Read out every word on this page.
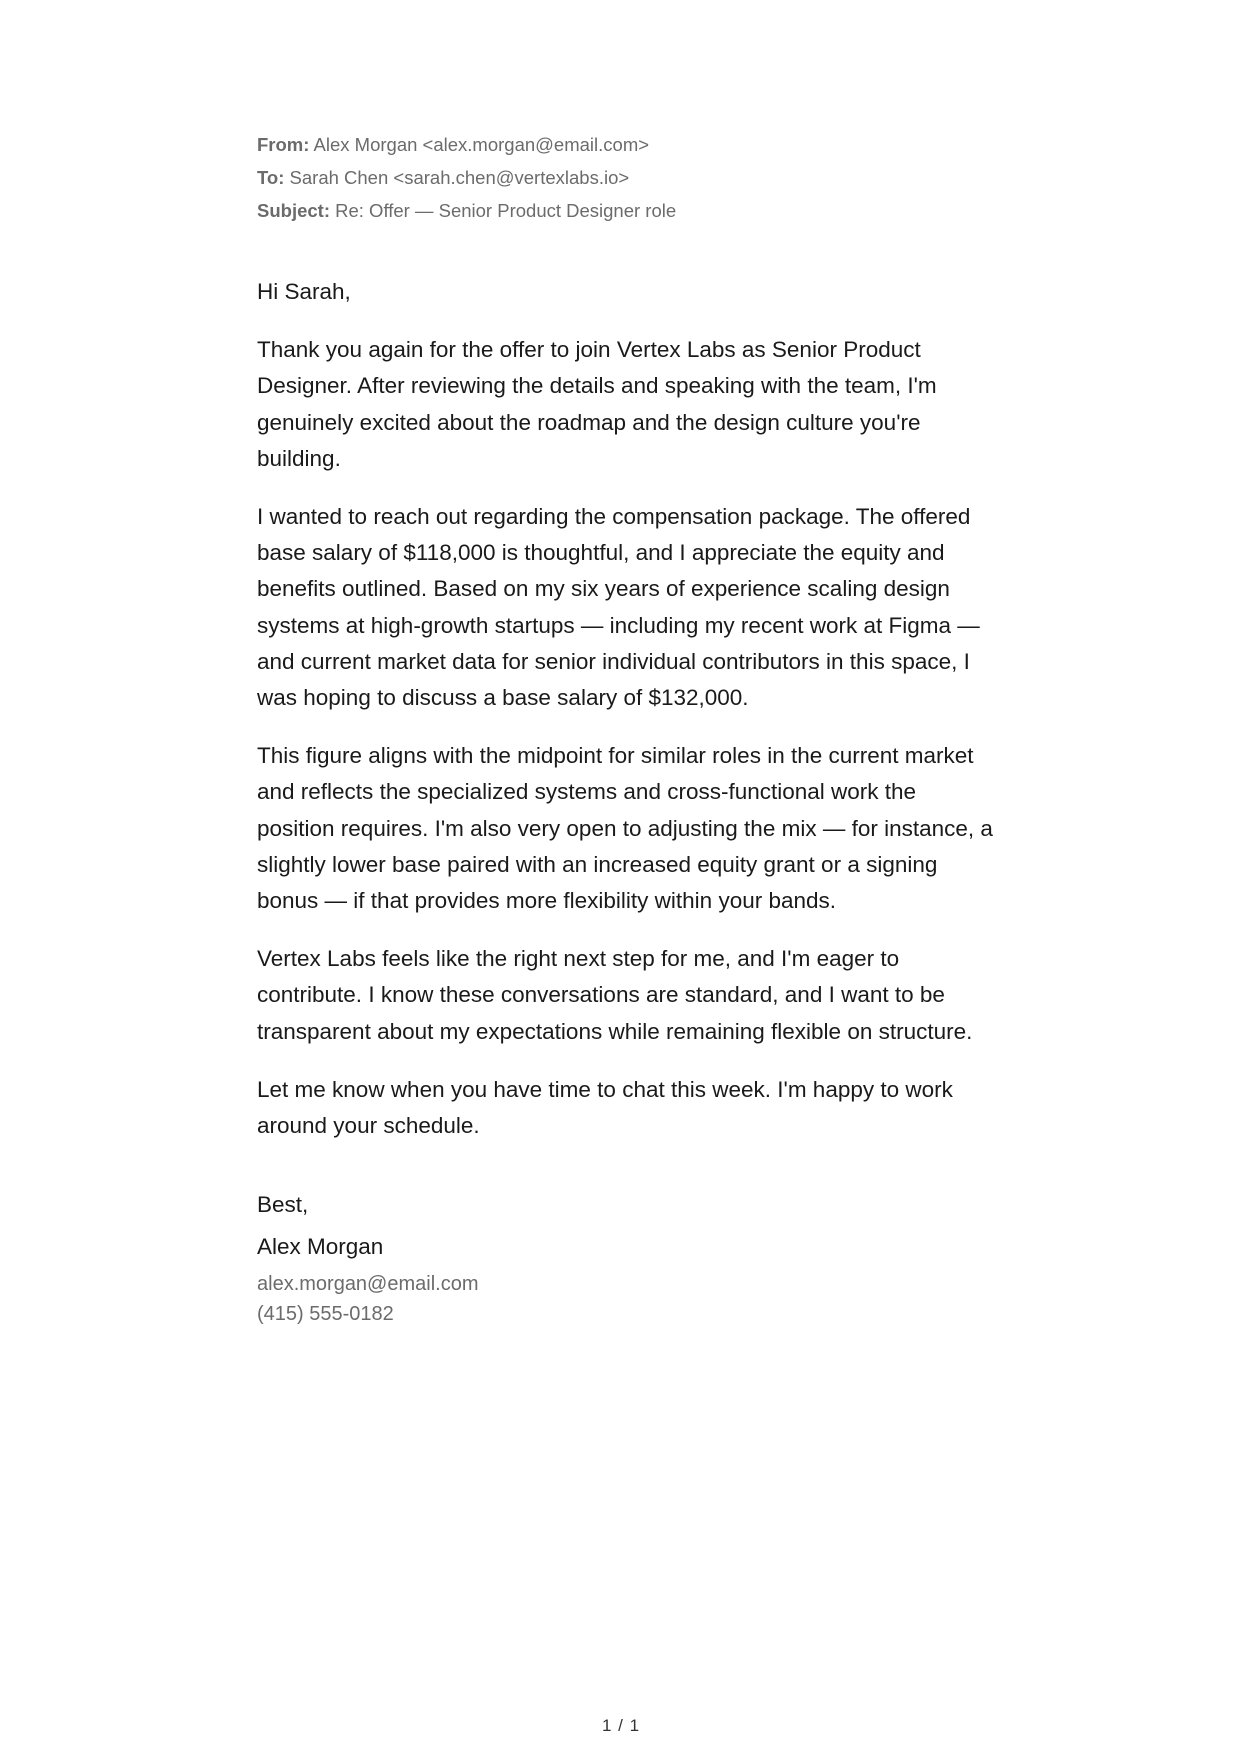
From: Alex Morgan <alex.morgan@email.com>
To: Sarah Chen <sarah.chen@vertexlabs.io>
Subject: Re: Offer — Senior Product Designer role

Hi Sarah,

Thank you again for the offer to join Vertex Labs as Senior Product Designer. After reviewing the details and speaking with the team, I'm genuinely excited about the roadmap and the design culture you're building.

I wanted to reach out regarding the compensation package. The offered base salary of $118,000 is thoughtful, and I appreciate the equity and benefits outlined. Based on my six years of experience scaling design systems at high-growth startups — including my recent work at Figma — and current market data for senior individual contributors in this space, I was hoping to discuss a base salary of $132,000.

This figure aligns with the midpoint for similar roles in the current market and reflects the specialized systems and cross-functional work the position requires. I'm also very open to adjusting the mix — for instance, a slightly lower base paired with an increased equity grant or a signing bonus — if that provides more flexibility within your bands.

Vertex Labs feels like the right next step for me, and I'm eager to contribute. I know these conversations are standard, and I want to be transparent about my expectations while remaining flexible on structure.

Let me know when you have time to chat this week. I'm happy to work around your schedule.

Best,
Alex Morgan
alex.morgan@email.com
(415) 555-0182
1 / 1
